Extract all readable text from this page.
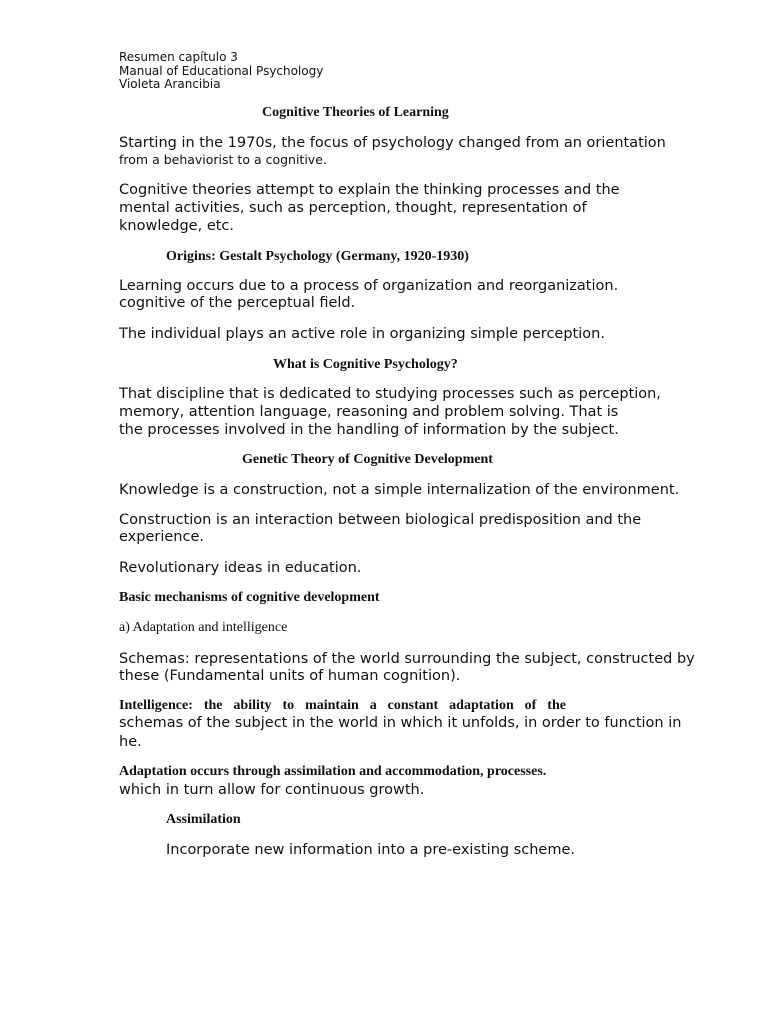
Resumen capítulo 3
Manual of Educational Psychology
Violeta Arancibia
Cognitive Theories of Learning
Starting in the 1970s, the focus of psychology changed from an orientation
from a behaviorist to a cognitive.
Cognitive theories attempt to explain the thinking processes and the
mental activities, such as perception, thought, representation of
knowledge, etc.
Origins: Gestalt Psychology (Germany, 1920-1930)
Learning occurs due to a process of organization and reorganization.
cognitive of the perceptual field.
The individual plays an active role in organizing simple perception.
What is Cognitive Psychology?
That discipline that is dedicated to studying processes such as perception,
memory, attention language, reasoning and problem solving. That is
the processes involved in the handling of information by the subject.
Genetic Theory of Cognitive Development
Knowledge is a construction, not a simple internalization of the environment.
Construction is an interaction between biological predisposition and the
experience.
Revolutionary ideas in education.
Basic mechanisms of cognitive development
a) Adaptation and intelligence
Schemas: representations of the world surrounding the subject, constructed by
these (Fundamental units of human cognition).
Intelligence: the ability to maintain a constant adaptation of the
schemas of the subject in the world in which it unfolds, in order to function in
he.
Adaptation occurs through assimilation and accommodation, processes.
which in turn allow for continuous growth.
Assimilation
Incorporate new information into a pre-existing scheme.
